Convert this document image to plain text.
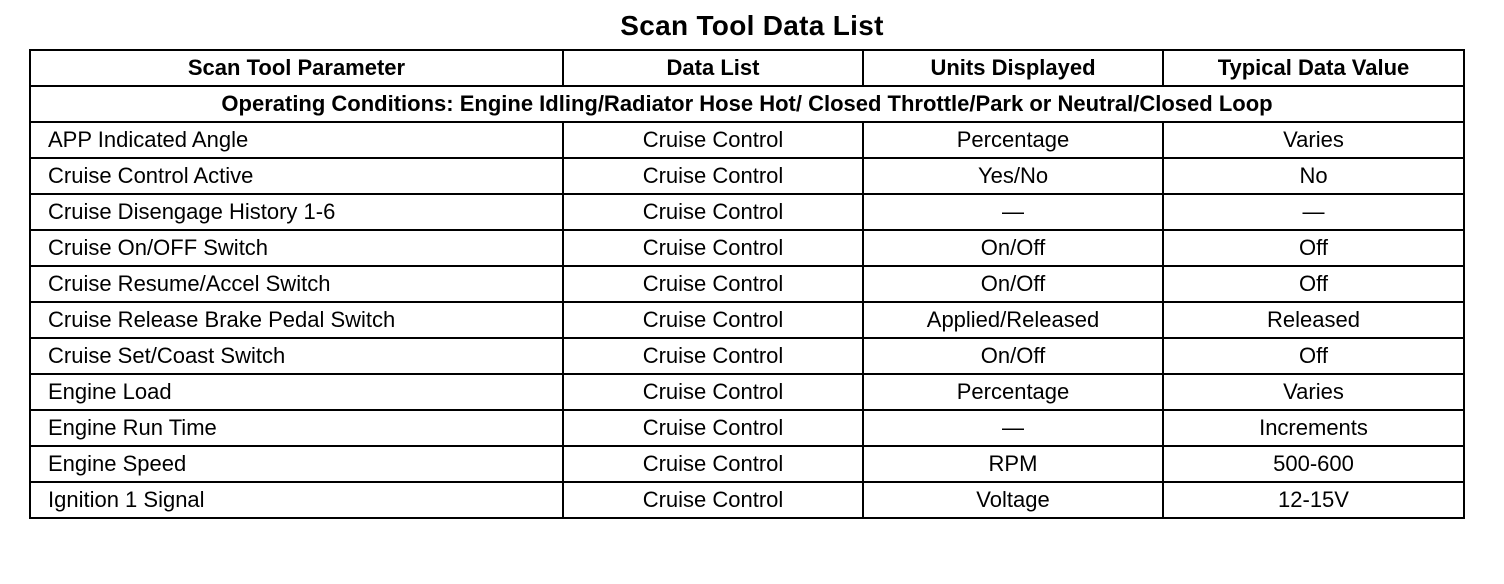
Scan Tool Data List
Scan Tool Parameter	Data List	Units Displayed	Typical Data Value
Operating Conditions: Engine Idling/Radiator Hose Hot/ Closed Throttle/Park or Neutral/Closed Loop			
APP Indicated Angle	Cruise Control	Percentage	Varies
Cruise Control Active	Cruise Control	Yes/No	No
Cruise Disengage History 1-6	Cruise Control	—	—
Cruise On/OFF Switch	Cruise Control	On/Off	Off
Cruise Resume/Accel Switch	Cruise Control	On/Off	Off
Cruise Release Brake Pedal Switch	Cruise Control	Applied/Released	Released
Cruise Set/Coast Switch	Cruise Control	On/Off	Off
Engine Load	Cruise Control	Percentage	Varies
Engine Run Time	Cruise Control	—	Increments
Engine Speed	Cruise Control	RPM	500-600
Ignition 1 Signal	Cruise Control	Voltage	12-15V
